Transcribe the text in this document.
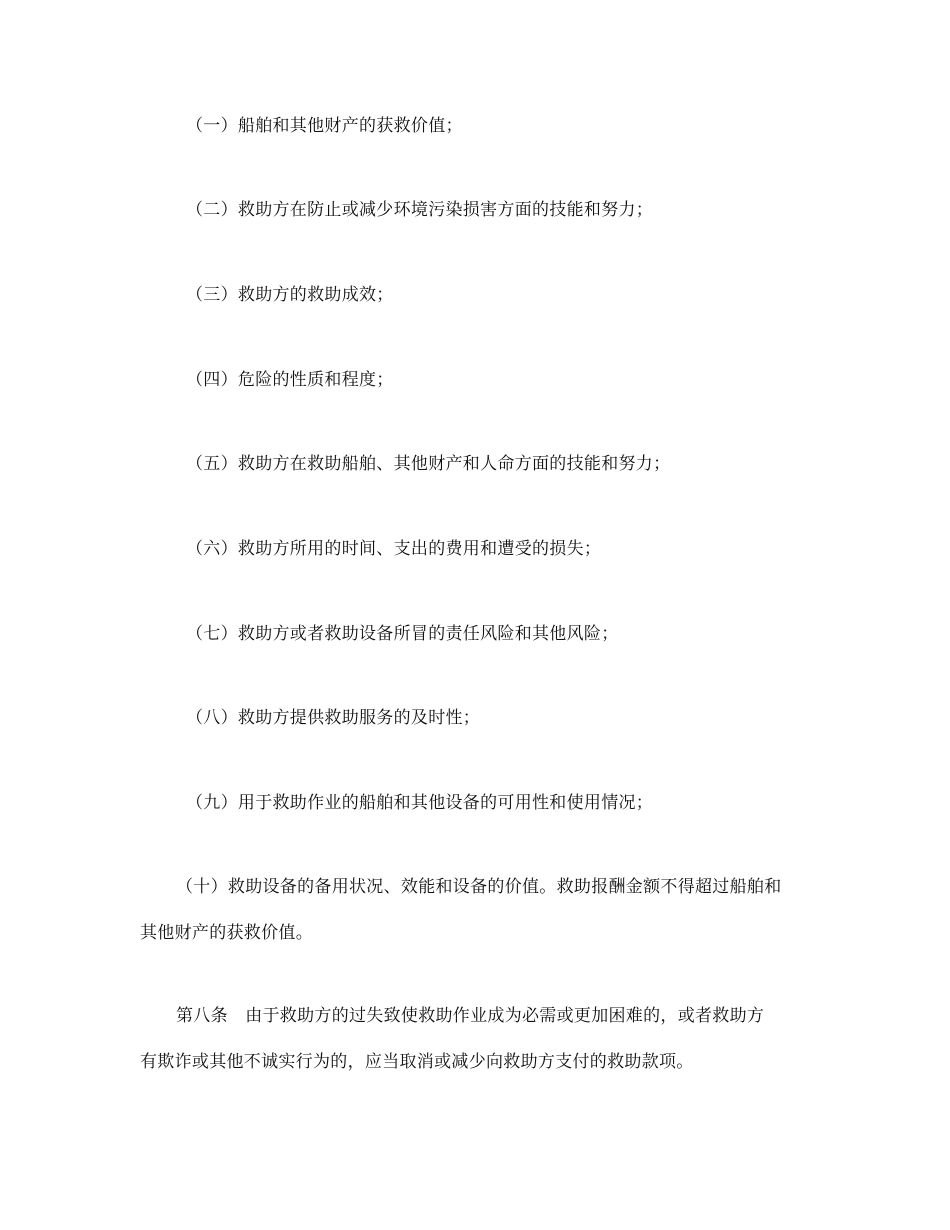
（一）船舶和其他财产的获救价值；
（二）救助方在防止或减少环境污染损害方面的技能和努力；
（三）救助方的救助成效；
（四）危险的性质和程度；
（五）救助方在救助船舶、其他财产和人命方面的技能和努力；
（六）救助方所用的时间、支出的费用和遭受的损失；
（七）救助方或者救助设备所冒的责任风险和其他风险；
（八）救助方提供救助服务的及时性；
（九）用于救助作业的船舶和其他设备的可用性和使用情况；
（十）救助设备的备用状况、效能和设备的价值。救助报酬金额不得超过船舶和
其他财产的获救价值。
第八条　由于救助方的过失致使救助作业成为必需或更加困难的，或者救助方
有欺诈或其他不诚实行为的，应当取消或减少向救助方支付的救助款项。
